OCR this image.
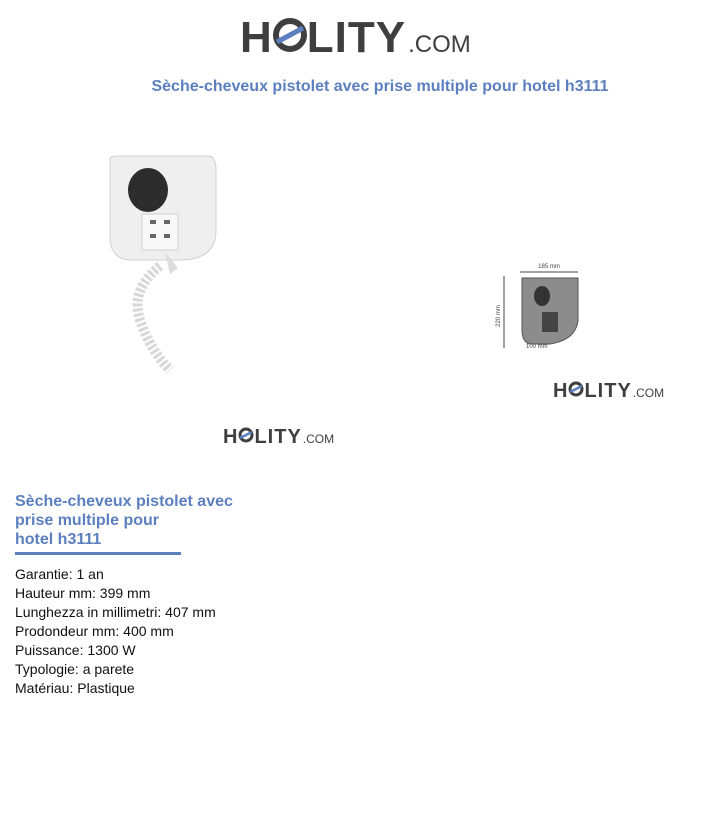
H LITY .COM
Sèche-cheveux pistolet avec prise multiple pour hotel h3111
H LITY .COM
185 mm
220 mm
100 mm
H LITY .COM
Sèche-cheveux pistolet avec
prise multiple pour
hotel h3111
Garantie: 1 an
Hauteur mm: 399 mm
Lunghezza in millimetri: 407 mm
Prodondeur mm: 400 mm
Puissance: 1300 W
Typologie: a parete
Matériau: Plastique
